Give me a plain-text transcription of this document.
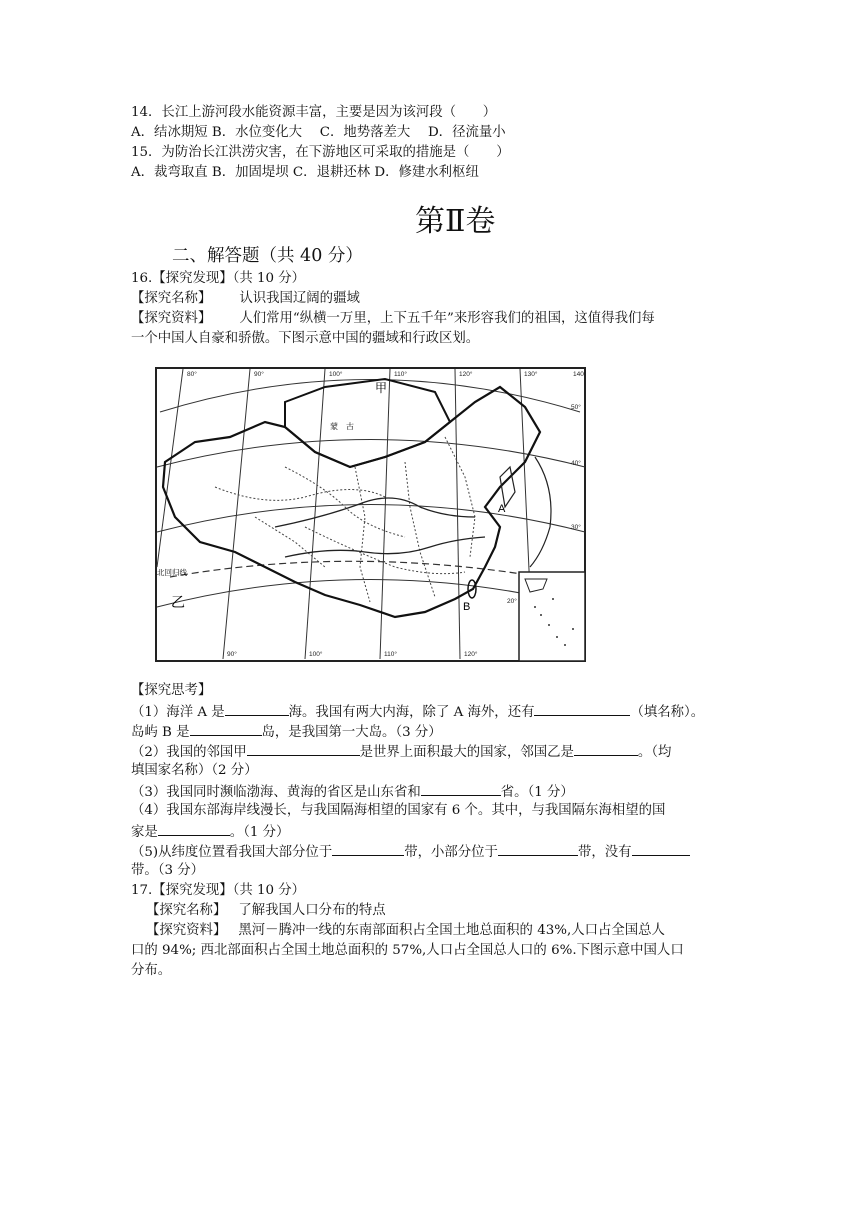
14．长江上游河段水能资源丰富，主要是因为该河段（　　）
A．结冰期短 B．水位变化大　 C．地势落差大　 D．径流量小
15．为防治长江洪涝灾害，在下游地区可采取的措施是（　　）
A．裁弯取直 B．加固堤坝 C．退耕还林 D．修建水利枢纽
第Ⅱ卷
二、解答题（共 40 分）
16.【探究发现】（共 10 分）
【探究名称】 认识我国辽阔的疆域
【探究资料】 人们常用“纵横一万里，上下五千年”来形容我们的祖国，这值得我们每
一个中国人自豪和骄傲。下图示意中国的疆域和行政区划。
甲
蒙　古
乙
北回归线
A
B
80°	90°	100°	110°	120°	130°	140°
90°	100°	110°	120°
50°
40°
30°
20°
【探究思考】
（1）海洋 A 是	海。我国有两大内海，除了 A 海外，还有	（填名称）。
岛屿 B 是	岛，是我国第一大岛。（3 分）
（2）我国的邻国甲	是世界上面积最大的国家，邻国乙是	。（均
填国家名称）（2 分）
（3）我国同时濒临渤海、黄海的省区是山东省和	省。（1 分）
（4）我国东部海岸线漫长，与我国隔海相望的国家有 6 个。其中，与我国隔东海相望的国
家是	。（1 分）
（5)从纬度位置看我国大部分位于	带，小部分位于	带，没有
带。（3 分）
17.【探究发现】（共 10 分）
【探究名称】 了解我国人口分布的特点
【探究资料】 黑河－腾冲一线的东南部面积占全国土地总面积的 43%,人口占全国总人
口的 94%; 西北部面积占全国土地总面积的 57%,人口占全国总人口的 6%.下图示意中国人口
分布。
